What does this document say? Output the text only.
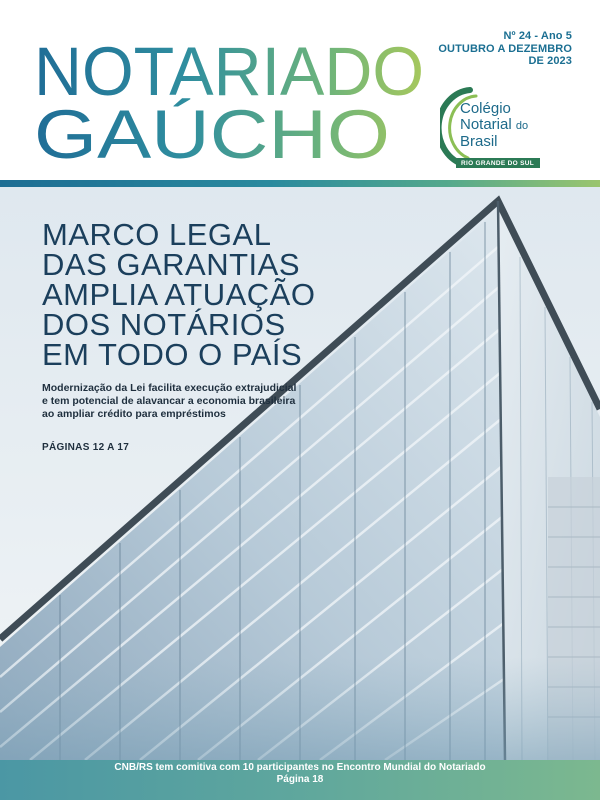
NOTARIADO
GAÚCHO
Nº 24 - Ano 5
OUTUBRO A DEZEMBRO
DE 2023
Colégio
Notarial do
Brasil
RIO GRANDE DO SUL
MARCO LEGAL
DAS GARANTIAS
AMPLIA ATUAÇÃO
DOS NOTÁRIOS
EM TODO O PAÍS
Modernização da Lei facilita execução extrajudicial e tem potencial de alavancar a economia brasileira ao ampliar crédito para empréstimos
PÁGINAS 12 A 17
CNB/RS tem comitiva com 10 participantes no Encontro Mundial do Notariado
Página 18
